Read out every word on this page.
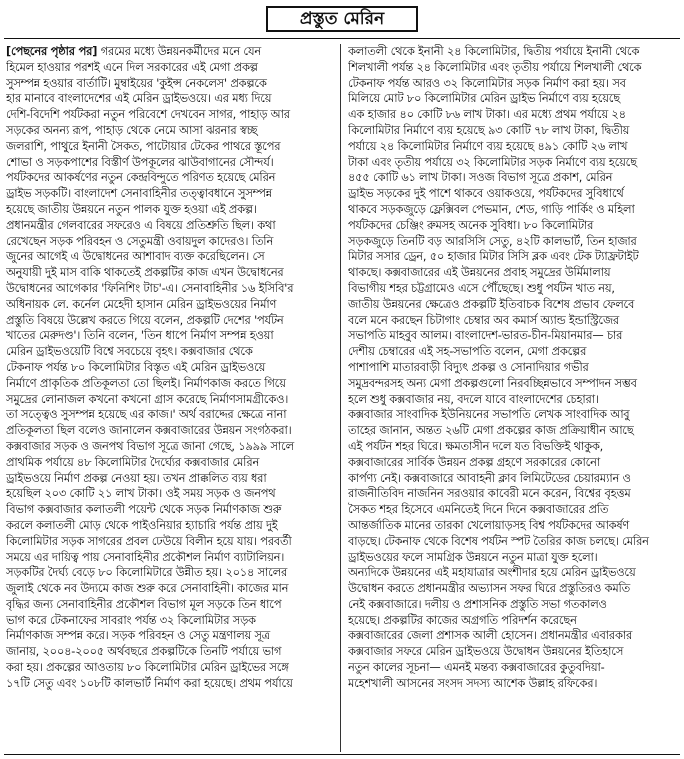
প্রস্তুত মেরিন
[পেছনের পৃষ্ঠার পর] গরমের মধ্যে উন্নয়নকর্মীদের মনে যেন
হিমেল হাওয়ার পরশই এনে দিল সরকারের এই মেগা প্রকল্প
সুসম্পন্ন হওয়ার বার্তাটি। মুম্বাইয়ের 'কুইন্স নেকলেস' প্রকল্পকে
হার মানাবে বাংলাদেশের এই মেরিন ড্রাইভওয়ে। এর মধ্য দিয়ে
দেশি-বিদেশি পর্যটকরা নতুন পরিবেশে দেখবেন সাগর, পাহাড় আর
সড়কের অনন্য রূপ, পাহাড় থেকে নেমে আসা ঝরনার স্বচ্ছ
জলরাশি, পাথুরে ইনানী সৈকত, পাটোয়ার টেকের পাথরে স্তূপের
শোভা ও সড়কপাশের বিস্তীর্ণ উপকূলের ঝাউবাগানের সৌন্দর্য।
পর্যটকদের আকর্ষণের নতুন কেন্দ্রবিন্দুতে পরিণত হয়েছে মেরিন
ড্রাইভ সড়কটি। বাংলাদেশ সেনাবাহিনীর তত্ত্বাবধানে সুসম্পন্ন
হয়েছে জাতীয় উন্নয়নে নতুন পালক যুক্ত হওয়া এই প্রকল্প।
প্রধানমন্ত্রীর গেলবারের সফরেও এ বিষয়ে প্রতিশ্রুতি ছিল। কথা
রেখেছেন সড়ক পরিবহন ও সেতুমন্ত্রী ওবায়দুল কাদেরও। তিনি
জুনের আগেই এ উদ্বোধনের আশাবাদ ব্যক্ত করেছিলেন। সে
অনুযায়ী দুই মাস বাকি থাকতেই প্রকল্পটির কাজ এখন উদ্বোধনের
উদ্বোধনের আগেকার 'ফিনিশিং টাচ'-এ। সেনাবাহিনীর ১৬ ইসিবি'র
অধিনায়ক লে. কর্নেল মেহেদী হাসান মেরিন ড্রাইভওয়ের নির্মাণ
প্রস্তুতি বিষয়ে উল্লেখ করতে গিয়ে বলেন, প্রকল্পটি দেশের 'পর্যটন
খাতের মেরুদণ্ড'। তিনি বলেন, 'তিন ধাপে নির্মাণ সম্পন্ন হওয়া
মেরিন ড্রাইভওয়েটি বিশ্বে সবচেয়ে বৃহৎ। কক্সবাজার থেকে
টেকনাফ পর্যন্ত ৮০ কিলোমিটার বিস্তৃত এই মেরিন ড্রাইভওয়ে
নির্মাণে প্রাকৃতিক প্রতিকূলতা তো ছিলই। নির্মাণকাজ করতে গিয়ে
সমুদ্রের লোনাজল কখনো কখনো গ্রাস করেছে নির্মাণসামগ্রীকেও।
তা সত্ত্বেও সুসম্পন্ন হয়েছে এর কাজ।' অর্থ বরাদ্দের ক্ষেত্রে নানা
প্রতিকূলতা ছিল বলেও জানালেন কক্সবাজারের উন্নয়ন সংগঠকরা।
কক্সবাজার সড়ক ও জনপথ বিভাগ সূত্রে জানা গেছে, ১৯৯৯ সালে
প্রাথমিক পর্যায়ে ৪৮ কিলোমিটার দৈর্ঘ্যের কক্সবাজার মেরিন
ড্রাইভওয়ে নির্মাণ প্রকল্প নেওয়া হয়। তখন প্রাক্কলিত ব্যয় ধরা
হয়েছিল ২০৩ কোটি ২১ লাখ টাকা। ওই সময় সড়ক ও জনপথ
বিভাগ কক্সবাজার কলাতলী পয়েন্ট থেকে সড়ক নির্মাণকাজ শুরু
করলে কলাতলী মোড় থেকে পাইওনিয়ার হ্যাচারি পর্যন্ত প্রায় দুই
কিলোমিটার সড়ক সাগরের প্রবল ঢেউয়ে বিলীন হয়ে যায়। পরবর্তী
সময়ে এর দায়িত্ব পায় সেনাবাহিনীর প্রকৌশল নির্মাণ ব্যাটালিয়ন।
সড়কটির দৈর্ঘ্য বেড়ে ৮০ কিলোমিটারে উন্নীত হয়। ২০১৪ সালের
জুলাই থেকে নব উদ্যমে কাজ শুরু করে সেনাবাহিনী। কাজের মান
বৃদ্ধির জন্য সেনাবাহিনীর প্রকৌশল বিভাগ মূল সড়কে তিন ধাপে
ভাগ করে টেকনাফের সাবরাং পর্যন্ত ৩২ কিলোমিটার সড়ক
নির্মাণকাজ সম্পন্ন করে। সড়ক পরিবহন ও সেতু মন্ত্রণালয় সূত্র
জানায়, ২০০৪-২০০৫ অর্থবছরে প্রকল্পটিকে তিনটি পর্যায়ে ভাগ
করা হয়। প্রকল্পের আওতায় ৮০ কিলোমিটার মেরিন ড্রাইভের সঙ্গে
১৭টি সেতু এবং ১০৮টি কালভার্ট নির্মাণ করা হয়েছে। প্রথম পর্যায়ে
কলাতলী থেকে ইনানী ২৪ কিলোমিটার, দ্বিতীয় পর্যায়ে ইনানী থেকে
শিলখালী পর্যন্ত ২৪ কিলোমিটার এবং তৃতীয় পর্যায়ে শিলখালী থেকে
টেকনাফ পর্যন্ত আরও ৩২ কিলোমিটার সড়ক নির্মাণ করা হয়। সব
মিলিয়ে মোট ৮০ কিলোমিটার মেরিন ড্রাইভ নির্মাণে ব্যয় হয়েছে
এক হাজার ৪০ কোটি ৮৬ লাখ টাকা। এর মধ্যে প্রথম পর্যায়ে ২৪
কিলোমিটার নির্মাণে ব্যয় হয়েছে ৯৩ কোটি ৭৮ লাখ টাকা, দ্বিতীয়
পর্যায়ে ২৪ কিলোমিটার নির্মাণে ব্যয় হয়েছে ৪৯১ কোটি ২৬ লাখ
টাকা এবং তৃতীয় পর্যায়ে ৩২ কিলোমিটার সড়ক নির্মাণে ব্যয় হয়েছে
৪৫৫ কোটি ৬১ লাখ টাকা। সওজ বিভাগ সূত্রে প্রকাশ, মেরিন
ড্রাইভ সড়কের দুই পাশে থাকবে ওয়াকওয়ে, পর্যটকদের সুবিধার্থে
থাকবে সড়কজুড়ে ফ্লেক্সিবল পেভমান, শেড, গাড়ি পার্কিং ও মহিলা
পর্যটকদের চেঞ্জিং রুমসহ অনেক সুবিধা। ৮০ কিলোমিটার
সড়কজুড়ে তিনটি বড় আরসিসি সেতু, ৪২টি কালভার্ট, তিন হাজার
মিটার সসার ড্রেন, ৫০ হাজার মিটার সিসি ব্লক এবং টেক ট্যাফ্রটাইট
থাকছে। কক্সবাজারের এই উন্নয়নের প্রবাহ সমুদ্রের উর্মিমালায়
বিভাগীয় শহর চট্টগ্রামেও এসে পৌঁছেছে। শুধু পর্যটন খাত নয়,
জাতীয় উন্নয়নের ক্ষেত্রেও প্রকল্পটি ইতিবাচক বিশেষ প্রভাব ফেলবে
বলে মনে করছেন চিটাগাং চেম্বার অব কমার্স অ্যান্ড ইন্ডাস্ট্রিজের
সভাপতি মাহবুব আলম। বাংলাদেশ-ভারত-চীন-মিয়ানমার— চার
দেশীয় চেম্বারের এই সহ-সভাপতি বলেন, মেগা প্রকল্পের
পাশাপাশি মাতারবাড়ী বিদ্যুৎ প্রকল্প ও সোনাদিয়ার গভীর
সমুদ্রবন্দরসহ অন্য মেগা প্রকল্পগুলো নিরবচ্ছিন্নভাবে সম্পাদন সম্ভব
হলে শুধু কক্সবাজার নয়, বদলে যাবে বাংলাদেশের চেহারা।
কক্সবাজার সাংবাদিক ইউনিয়নের সভাপতি লেখক সাংবাদিক আবু
তাহের জানান, অন্তত ২৬টি মেগা প্রকল্পের কাজ প্রক্রিয়াধীন আছে
এই পর্যটন শহর ঘিরে। ক্ষমতাসীন দলে যত বিভক্তিই থাকুক,
কক্সবাজারের সার্বিক উন্নয়ন প্রকল্প গ্রহণে সরকারের কোনো
কার্পণ্য নেই। কক্সবাজারে আবাহনী ক্লাব লিমিটেডের চেয়ারম্যান ও
রাজনীতিবিদ নাজনিন সরওয়ার কাবেরী মনে করেন, বিশ্বের বৃহত্তম
সৈকত শহর হিসেবে এমনিতেই দিনে দিনে কক্সবাজারের প্রতি
আন্তর্জাতিক মানের তারকা খেলোয়াড়সহ বিশ্ব পর্যটকদের আকর্ষণ
বাড়ছে। টেকনাফ থেকে বিশেষ পর্যটন স্পট তৈরির কাজ চলছে। মেরিন
ড্রাইভওয়ের ফলে সামগ্রিক উন্নয়নে নতুন মাত্রা যুক্ত হলো।
অন্যদিকে উন্নয়নের এই মহাযাত্রার অংশীদার হয়ে মেরিন ড্রাইভওয়ে
উদ্বোধন করতে প্রধানমন্ত্রীর অভ্যাসন সফর ঘিরে প্রস্তুতিরও কমতি
নেই কক্সবাজারে। দলীয় ও প্রশাসনিক প্রস্তুতি সভা গতকালও
হয়েছে। প্রকল্পটির কাজের অগ্রগতি পরিদর্শন করেছেন
কক্সবাজারের জেলা প্রশাসক আলী হোসেন। প্রধানমন্ত্রীর এবারকার
কক্সবাজার সফরে মেরিন ড্রাইভওয়ে উদ্বোধন উন্নয়নের ইতিহাসে
নতুন কালের সূচনা— এমনই মন্তব্য কক্সবাজারের কুতুবদিয়া-
মহেশখালী আসনের সংসদ সদস্য আশেক উল্লাহ রফিকের।
